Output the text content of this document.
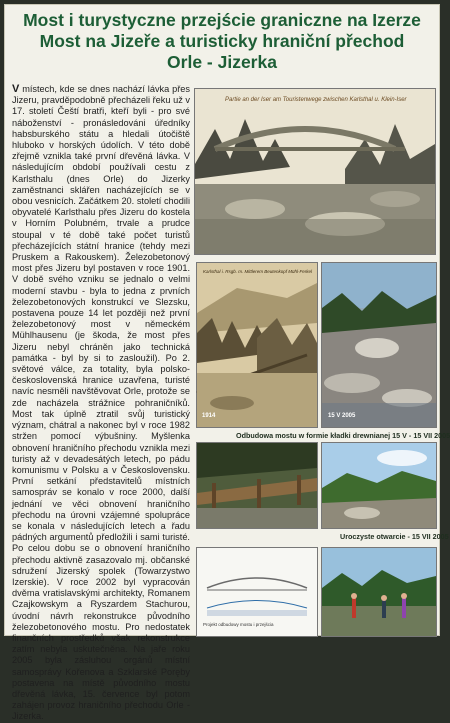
Most i turystyczne przejście graniczne na Izerze
Most na Jizeře a turisticky hraniční přechod
Orle - Jizerka
V místech, kde se dnes nachází lávka přes Jizeru, pravděpodobně přecházeli řeku už v 17. století Čeští bratři, kteří byli - pro své náboženství - pronásledováni úředníky habsburského státu a hledali útočiště hluboko v horských údolích. V této době zřejmě vznikla také první dřevěná lávka. V následujícím období používali cestu z Karlsthalu (dnes Orle) do Jizerky zaměstnanci sklářen nacházejících se v obou vesnicích. Začátkem 20. století chodili obyvatelé Karlsthalu přes Jizeru do kostela v Horním Polubném, trvale a prudce stoupal v té době také počet turistů přecházejících státní hranice (tehdy mezi Pruskem a Rakouskem). Železobetonový most přes Jizeru byl postaven v roce 1901. V době svého vzniku se jednalo o velmi moderní stavbu - byla to jedna z prvních železobetonových konstrukcí ve Slezsku, postavena pouze 14 let později než první železobetonový most v německém Mühlhausenu (je škoda, že most přes Jizeru nebyl chráněn jako technická památka - byl by si to zasloužil). Po 2. světové válce, za totality, byla polsko-československá hranice uzavřena, turisté navíc nesměli navštěvovat Orle, protože se zde nacházela strážnice pohraničníků. Most tak úplně ztratil svůj turistický význam, chátral a nakonec byl v roce 1982 stržen pomocí výbušniny. Myšlenka obnovení hraničního přechodu vznikla mezi turisty až v devadesátých letech, po pádu komunismu v Polsku a v Československu. První setkání představitelů místních samospráv se konalo v roce 2000, další jednání ve věci obnovení hraničního přechodu na úrovni vzájemné spolupráce se konala v následujících letech a řadu pádných argumentů předložili i sami turisté. Po celou dobu se o obnovení hraničního přechodu aktivně zasazovalo mj. občanské sdružení Jizerský spolek (Towarzystwo Izerskie). V roce 2002 byl vypracován dvěma vratislavskými architekty, Romanem Czajkowskym a Ryszardem Stachurou, úvodní návrh rekonstrukce původního železobetonového mostu. Pro nedostatek finančních prostředků však rekonstrukce zatím nebyla uskutečněna. Na jaře roku 2005 byla zásluhou orgánů místní samosprávy Kořenova a Szklarské Poręby postavena na místě původního mostu dřevěná lávka, 15. července byl potom zahájen provoz hraničního přechodu Orle - Jizerka.
Partie an der Iser am Touristenwege zwischen Karlsthal u. Klein-Iser
Karlsthal i. Rsgb. m. Mittlerem Beutenkopf Mühl-Ferkel
1914	15 V 2005
Odbudowa mostu w formie kładki drewnianej 15 V - 15 VII 2005
Uroczyste otwarcie - 15 VII 2005
Projekt odbudowy mostu i przejścia
